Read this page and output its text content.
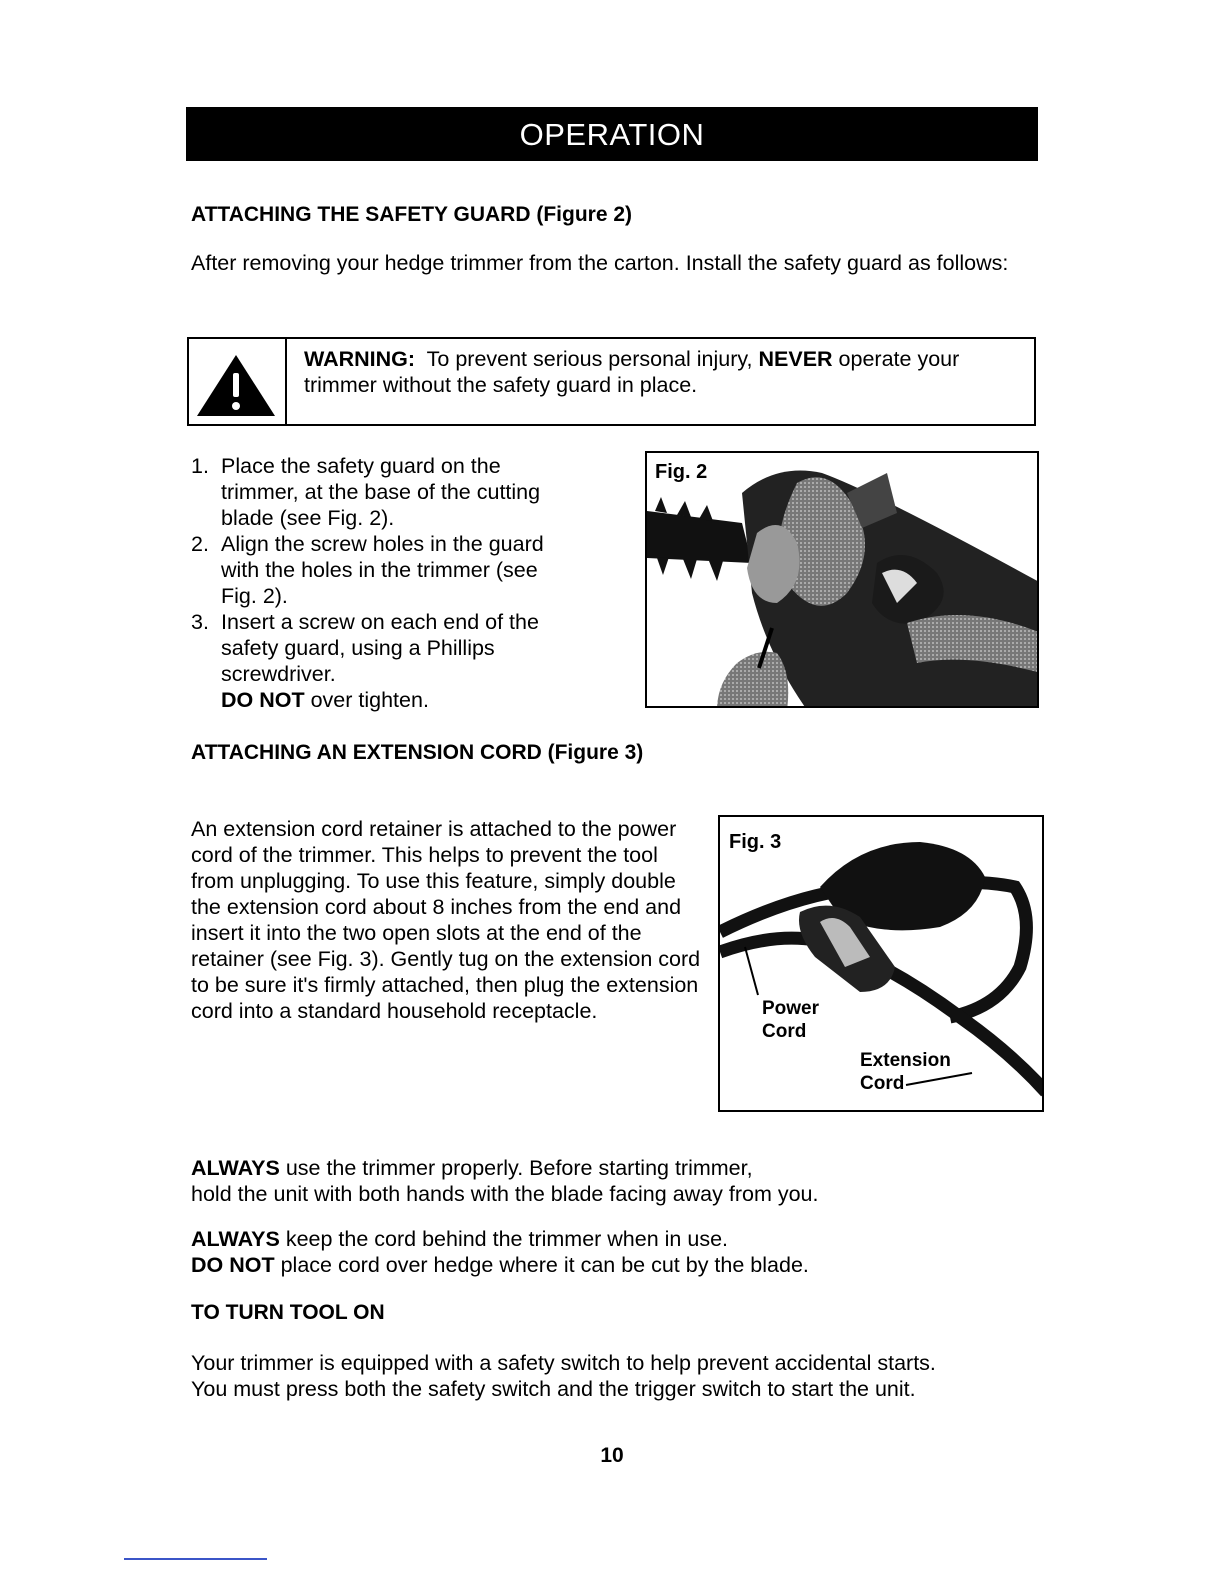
OPERATION
ATTACHING THE SAFETY GUARD (Figure 2)

After removing your hedge trimmer from the carton. Install the safety guard as follows:

WARNING: To prevent serious personal injury, NEVER operate your trimmer without the safety guard in place.

1. Place the safety guard on the trimmer, at the base of the cutting blade (see Fig. 2).

2. Align the screw holes in the guard with the holes in the trimmer (see Fig. 2).

3. Insert a screw on each end of the safety guard, using a Phillips screwdriver.
DO NOT over tighten.

Fig. 2
ATTACHING AN EXTENSION CORD (Figure 3)

An extension cord retainer is attached to the power cord of the trimmer. This helps to prevent the tool from unplugging. To use this feature, simply double the extension cord about 8 inches from the end and insert it into the two open slots at the end of the retainer (see Fig. 3). Gently tug on the extension cord to be sure it's firmly attached, then plug the extension cord into a standard household receptacle.

Fig. 3
Power
Cord
Extension
Cord

ALWAYS use the trimmer properly. Before starting trimmer,
hold the unit with both hands with the blade facing away from you.

ALWAYS keep the cord behind the trimmer when in use.
DO NOT place cord over hedge where it can be cut by the blade.

TO TURN TOOL ON

Your trimmer is equipped with a safety switch to help prevent accidental starts.
You must press both the safety switch and the trigger switch to start the unit.

10
